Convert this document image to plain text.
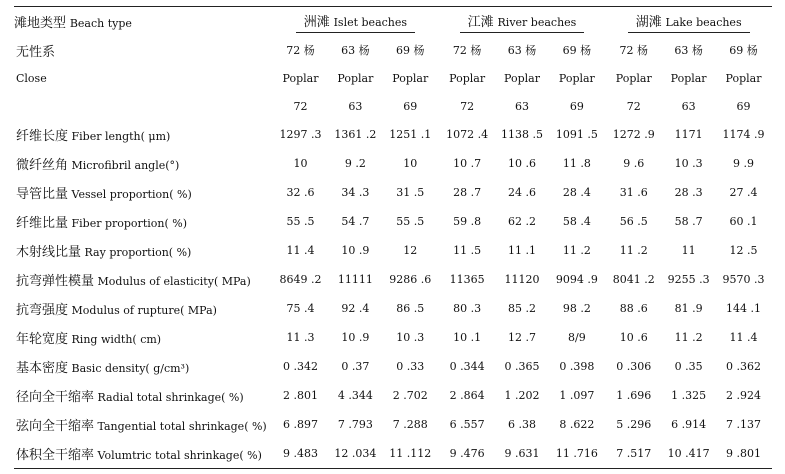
滩地类型 Beach type	洲滩 Islet beaches			江滩 River beaches			湖滩 Lake beaches		
无性系	72 杨	63 杨	69 杨	72 杨	63 杨	69 杨	72 杨	63 杨	69 杨
Close	Poplar	Poplar	Poplar	Poplar	Poplar	Poplar	Poplar	Poplar	Poplar
	72	63	69	72	63	69	72	63	69
纤维长度 Fiber length( μm)	1297 .3	1361 .2	1251 .1	1072 .4	1138 .5	1091 .5	1272 .9	1171	1174 .9
微纤丝角 Microfibril angle(°)	10	9 .2	10	10 .7	10 .6	11 .8	9 .6	10 .3	9 .9
导管比量 Vessel proportion( %)	32 .6	34 .3	31 .5	28 .7	24 .6	28 .4	31 .6	28 .3	27 .4
纤维比量 Fiber proportion( %)	55 .5	54 .7	55 .5	59 .8	62 .2	58 .4	56 .5	58 .7	60 .1
木射线比量 Ray proportion( %)	11 .4	10 .9	12	11 .5	11 .1	11 .2	11 .2	11	12 .5
抗弯弹性模量 Modulus of elasticity( MPa)	8649 .2	11111	9286 .6	11365	11120	9094 .9	8041 .2	9255 .3	9570 .3
抗弯强度 Modulus of rupture( MPa)	75 .4	92 .4	86 .5	80 .3	85 .2	98 .2	88 .6	81 .9	144 .1
年轮宽度 Ring width( cm)	11 .3	10 .9	10 .3	10 .1	12 .7	8/9	10 .6	11 .2	11 .4
基本密度 Basic density( g/cm³)	0 .342	0 .37	0 .33	0 .344	0 .365	0 .398	0 .306	0 .35	0 .362
径向全干缩率 Radial total shrinkage( %)	2 .801	4 .344	2 .702	2 .864	1 .202	1 .097	1 .696	1 .325	2 .924
弦向全干缩率 Tangential total shrinkage( %)	6 .897	7 .793	7 .288	6 .557	6 .38	8 .622	5 .296	6 .914	7 .137
体积全干缩率 Volumtric total shrinkage( %)	9 .483	12 .034	11 .112	9 .476	9 .631	11 .716	7 .517	10 .417	9 .801
